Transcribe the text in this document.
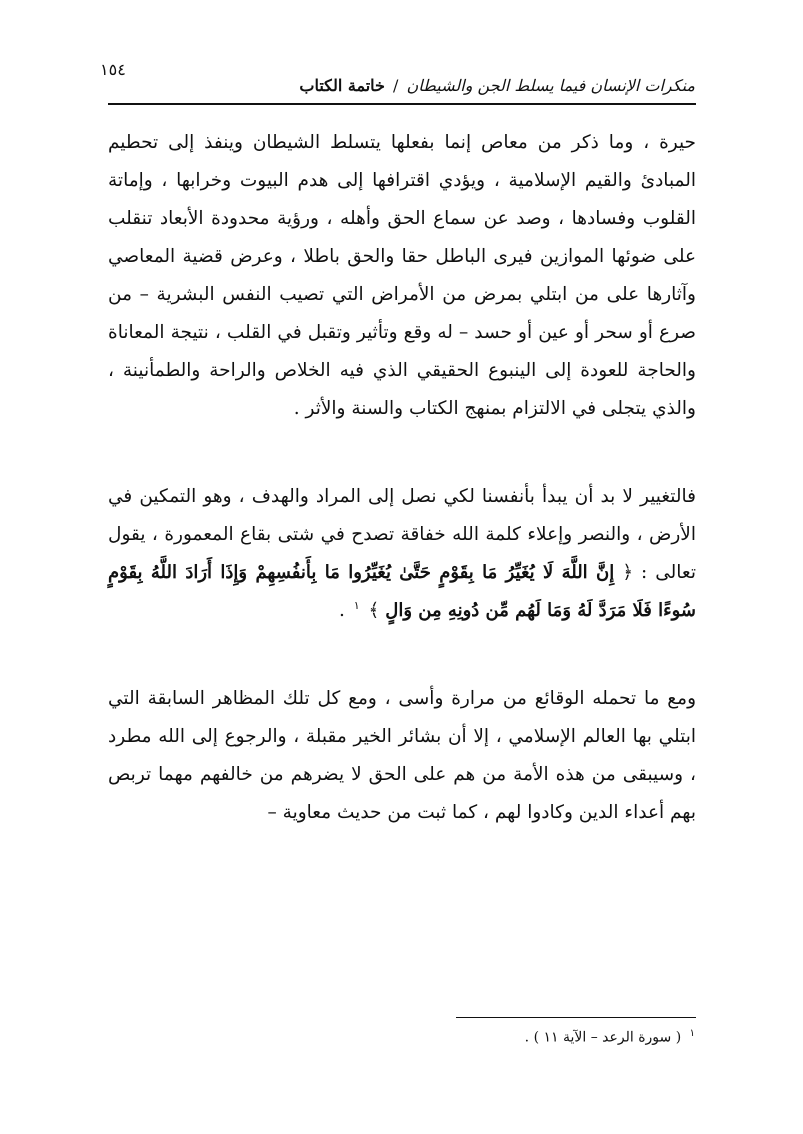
١٥٤
منكرات الإنسان فيما يسلط الجن والشيطان / خاتمة الكتاب

حيرة ، وما ذكر من معاص إنما بفعلها يتسلط الشيطان وينفذ إلى تحطيم المبادئ والقيم الإسلامية ، ويؤدي اقترافها إلى هدم البيوت وخرابها ، وإماتة القلوب وفسادها ، وصد عن سماع الحق وأهله ، ورؤية محدودة الأبعاد تنقلب على ضوئها الموازين فيرى الباطل حقا والحق باطلا ، وعرض قضية المعاصي وآثارها على من ابتلي بمرض من الأمراض التي تصيب النفس البشرية – من صرع أو سحر أو عين أو حسد – له وقع وتأثير وتقبل في القلب ، نتيجة المعاناة والحاجة للعودة إلى الينبوع الحقيقي الذي فيه الخلاص والراحة والطمأنينة ، والذي يتجلى في الالتزام بمنهج الكتاب والسنة والأثر .

فالتغيير لا بد أن يبدأ بأنفسنا لكي نصل إلى المراد والهدف ، وهو التمكين في الأرض ، والنصر وإعلاء كلمة الله خفاقة تصدح في شتى بقاع المعمورة ، يقول تعالى : ﴿ إِنَّ اللَّهَ لَا يُغَيِّرُ مَا بِقَوْمٍ حَتَّىٰ يُغَيِّرُوا مَا بِأَنفُسِهِمْ وَإِذَا أَرَادَ اللَّهُ بِقَوْمٍ سُوءًا فَلَا مَرَدَّ لَهُ وَمَا لَهُم مِّن دُونِهِ مِن وَالٍ ﴾ $^١$ .

ومع ما تحمله الوقائع من مرارة وأسى ، ومع كل تلك المظاهر السابقة التي ابتلي بها العالم الإسلامي ، إلا أن بشائر الخير مقبلة ، والرجوع إلى الله مطرد ، وسيبقى من هذه الأمة من هم على الحق لا يضرهم من خالفهم مهما تربص بهم أعداء الدين وكادوا لهم ، كما ثبت من حديث معاوية –

$^١$ ( سورة الرعد – الآية ١١ ) .
